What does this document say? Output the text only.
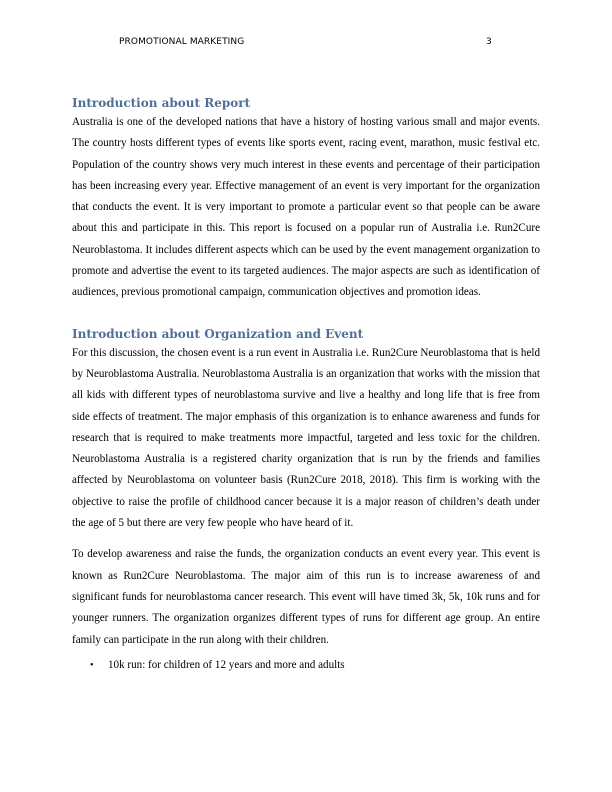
PROMOTIONAL MARKETING	3
Introduction about Report

Australia is one of the developed nations that have a history of hosting various small and major events. The country hosts different types of events like sports event, racing event, marathon, music festival etc. Population of the country shows very much interest in these events and percentage of their participation has been increasing every year. Effective management of an event is very important for the organization that conducts the event. It is very important to promote a particular event so that people can be aware about this and participate in this. This report is focused on a popular run of Australia i.e. Run2Cure Neuroblastoma. It includes different aspects which can be used by the event management organization to promote and advertise the event to its targeted audiences. The major aspects are such as identification of audiences, previous promotional campaign, communication objectives and promotion ideas.

Introduction about Organization and Event

For this discussion, the chosen event is a run event in Australia i.e. Run2Cure Neuroblastoma that is held by Neuroblastoma Australia. Neuroblastoma Australia is an organization that works with the mission that all kids with different types of neuroblastoma survive and live a healthy and long life that is free from side effects of treatment. The major emphasis of this organization is to enhance awareness and funds for research that is required to make treatments more impactful, targeted and less toxic for the children. Neuroblastoma Australia is a registered charity organization that is run by the friends and families affected by Neuroblastoma on volunteer basis (Run2Cure 2018, 2018). This firm is working with the objective to raise the profile of childhood cancer because it is a major reason of children’s death under the age of 5 but there are very few people who have heard of it.

To develop awareness and raise the funds, the organization conducts an event every year. This event is known as Run2Cure Neuroblastoma. The major aim of this run is to increase awareness of and significant funds for neuroblastoma cancer research. This event will have timed 3k, 5k, 10k runs and for younger runners. The organization organizes different types of runs for different age group. An entire family can participate in the run along with their children.

• 10k run: for children of 12 years and more and adults
